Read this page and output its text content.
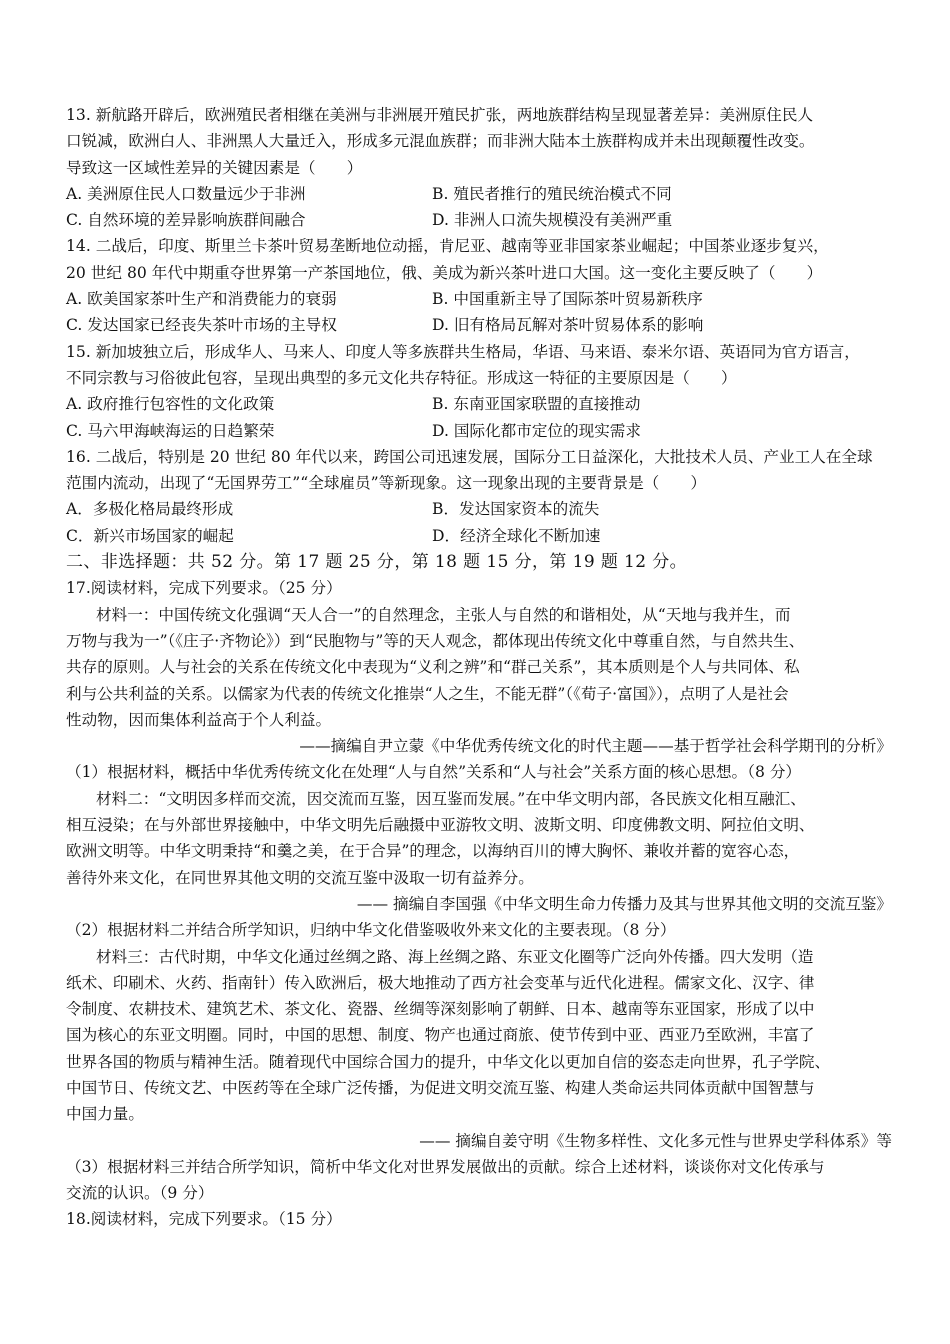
13. 新航路开辟后，欧洲殖民者相继在美洲与非洲展开殖民扩张，两地族群结构呈现显著差异：美洲原住民人
口锐减，欧洲白人、非洲黑人大量迁入，形成多元混血族群；而非洲大陆本土族群构成并未出现颠覆性改变。
导致这一区域性差异的关键因素是（　　）
A. 美洲原住民人口数量远少于非洲	B. 殖民者推行的殖民统治模式不同
C. 自然环境的差异影响族群间融合	D. 非洲人口流失规模没有美洲严重
14. 二战后，印度、斯里兰卡茶叶贸易垄断地位动摇，肯尼亚、越南等亚非国家茶业崛起；中国茶业逐步复兴，
20 世纪 80 年代中期重夺世界第一产茶国地位，俄、美成为新兴茶叶进口大国。这一变化主要反映了（　　）
A. 欧美国家茶叶生产和消费能力的衰弱	B. 中国重新主导了国际茶叶贸易新秩序
C. 发达国家已经丧失茶叶市场的主导权	D. 旧有格局瓦解对茶叶贸易体系的影响
15. 新加坡独立后，形成华人、马来人、印度人等多族群共生格局，华语、马来语、泰米尔语、英语同为官方语言，
不同宗教与习俗彼此包容，呈现出典型的多元文化共存特征。形成这一特征的主要原因是（　　）
A. 政府推行包容性的文化政策	B. 东南亚国家联盟的直接推动
C. 马六甲海峡海运的日趋繁荣	D. 国际化都市定位的现实需求
16. 二战后，特别是 20 世纪 80 年代以来，跨国公司迅速发展，国际分工日益深化，大批技术人员、产业工人在全球
范围内流动，出现了“无国界劳工”“全球雇员”等新现象。这一现象出现的主要背景是（　　）
A．多极化格局最终形成	B．发达国家资本的流失
C．新兴市场国家的崛起	D．经济全球化不断加速
二、非选择题：共 52 分。第 17 题 25 分，第 18 题 15 分，第 19 题 12 分。
17.阅读材料，完成下列要求。（25 分）
材料一：中国传统文化强调“天人合一”的自然理念，主张人与自然的和谐相处，从“天地与我并生，而
万物与我为一”（《庄子·齐物论》）到“民胞物与”等的天人观念，都体现出传统文化中尊重自然，与自然共生、
共存的原则。人与社会的关系在传统文化中表现为“义利之辨”和“群己关系”，其本质则是个人与共同体、私
利与公共利益的关系。以儒家为代表的传统文化推崇“人之生，不能无群”（《荀子·富国》），点明了人是社会
性动物，因而集体利益高于个人利益。
——摘编自尹立蒙《中华优秀传统文化的时代主题——基于哲学社会科学期刊的分析》
（1）根据材料，概括中华优秀传统文化在处理“人与自然”关系和“人与社会”关系方面的核心思想。（8 分）
材料二：“文明因多样而交流，因交流而互鉴，因互鉴而发展。”在中华文明内部，各民族文化相互融汇、
相互浸染；在与外部世界接触中，中华文明先后融摄中亚游牧文明、波斯文明、印度佛教文明、阿拉伯文明、
欧洲文明等。中华文明秉持“和羹之美，在于合异”的理念，以海纳百川的博大胸怀、兼收并蓄的宽容心态，
善待外来文化，在同世界其他文明的交流互鉴中汲取一切有益养分。
—— 摘编自李国强《中华文明生命力传播力及其与世界其他文明的交流互鉴》
（2）根据材料二并结合所学知识，归纳中华文化借鉴吸收外来文化的主要表现。（8 分）
材料三：古代时期，中华文化通过丝绸之路、海上丝绸之路、东亚文化圈等广泛向外传播。四大发明（造
纸术、印刷术、火药、指南针）传入欧洲后，极大地推动了西方社会变革与近代化进程。儒家文化、汉字、律
令制度、农耕技术、建筑艺术、茶文化、瓷器、丝绸等深刻影响了朝鲜、日本、越南等东亚国家，形成了以中
国为核心的东亚文明圈。同时，中国的思想、制度、物产也通过商旅、使节传到中亚、西亚乃至欧洲，丰富了
世界各国的物质与精神生活。随着现代中国综合国力的提升，中华文化以更加自信的姿态走向世界，孔子学院、
中国节日、传统文艺、中医药等在全球广泛传播，为促进文明交流互鉴、构建人类命运共同体贡献中国智慧与
中国力量。
—— 摘编自姜守明《生物多样性、文化多元性与世界史学科体系》等
（3）根据材料三并结合所学知识，简析中华文化对世界发展做出的贡献。综合上述材料，谈谈你对文化传承与
交流的认识。（9 分）
18.阅读材料，完成下列要求。（15 分）
